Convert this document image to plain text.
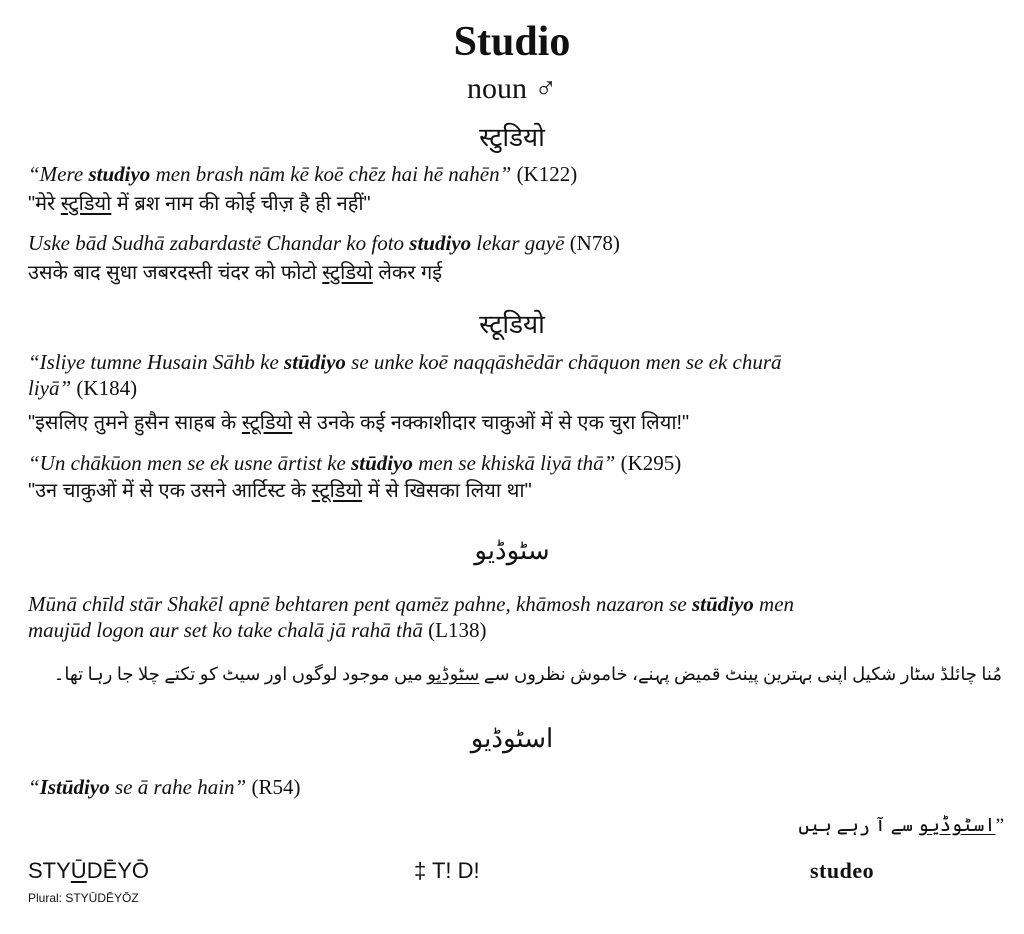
Studio
noun ♂
स्टुडियो
“Mere studiyo men brash nām kē koē chēz hai hē nahēn” (K122)
"मेरे स्टुडियो में ब्रश नाम की कोई चीज़ है ही नहीं"
Uske bād Sudhā zabardastē Chandar ko foto studiyo lekar gayē (N78)
उसके बाद सुधा जबरदस्ती चंदर को फोटो स्टुडियो लेकर गई
स्टूडियो
“Isliye tumne Husain Sāhb ke stūdiyo se unke koē naqqāshēdār chāquon men se ek churā
liyā” (K184)
"इसलिए तुमने हुसैन साहब के स्टूडियो से उनके कई नक्काशीदार चाकुओं में से एक चुरा लिया!"
“Un chākūon men se ek usne ārtist ke stūdiyo men se khiskā liyā thā” (K295)
"उन चाकुओं में से एक उसने आर्टिस्ट के स्टूडियो में से खिसका लिया था"
سٹوڈیو
Mūnā chīld stār Shakēl apnē behtaren pent qamēz pahne, khāmosh nazaron se stūdiyo men
maujūd logon aur set ko take chalā jā rahā thā (L138)
مُنا چائلڈ سٹار شکیل اپنی بہترین پینٹ قمیض پہنے، خاموش نظروں سے سٹوڈیو میں موجود لوگوں اور سیٹ کو تکتے چلا جا رہا تھا۔
اسٹوڈیو
“Istūdiyo se ā rahe hain” (R54)
”اسٹوڈیو سے آ رہے ہیں
STYŪDĒYŌ
Plural: STYŪDĒYŌZ
‡ T! D!	studeo
